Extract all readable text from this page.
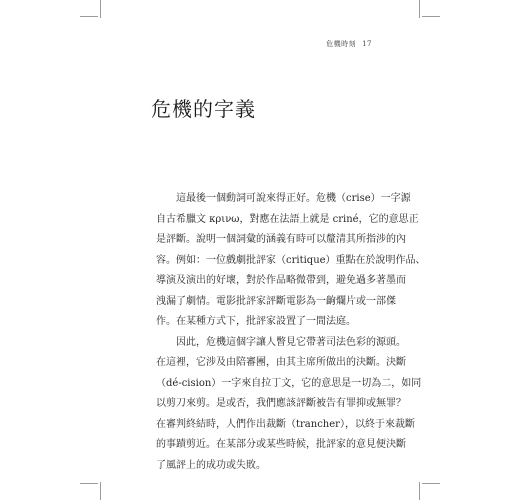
危機時刻 17
危機的字義
這最後一個動詞可說來得正好。危機（crise）一字源
自古希臘文 κρινω，對應在法語上就是 criné，它的意思正
是評斷。說明一個詞彙的涵義有時可以釐清其所指涉的內
容。例如：一位戲劇批評家（critique）重點在於說明作品、
導演及演出的好壞，對於作品略微帶到，避免過多著墨而
洩漏了劇情。電影批評家評斷電影為一齣爛片或一部傑
作。在某種方式下，批評家設置了一間法庭。
因此，危機這個字讓人瞥見它帶著司法色彩的源頭。
在這裡，它涉及由陪審團，由其主席所做出的決斷。決斷
（dé-cision）一字來自拉丁文，它的意思是一切為二，如同
以剪刀來剪。是或否，我們應該評斷被告有罪抑或無罪？
在審判終結時，人們作出裁斷（trancher），以終于來裁斷
的事蹟剪近。在某部分或某些時候，批評家的意見便決斷
了風評上的成功或失敗。
